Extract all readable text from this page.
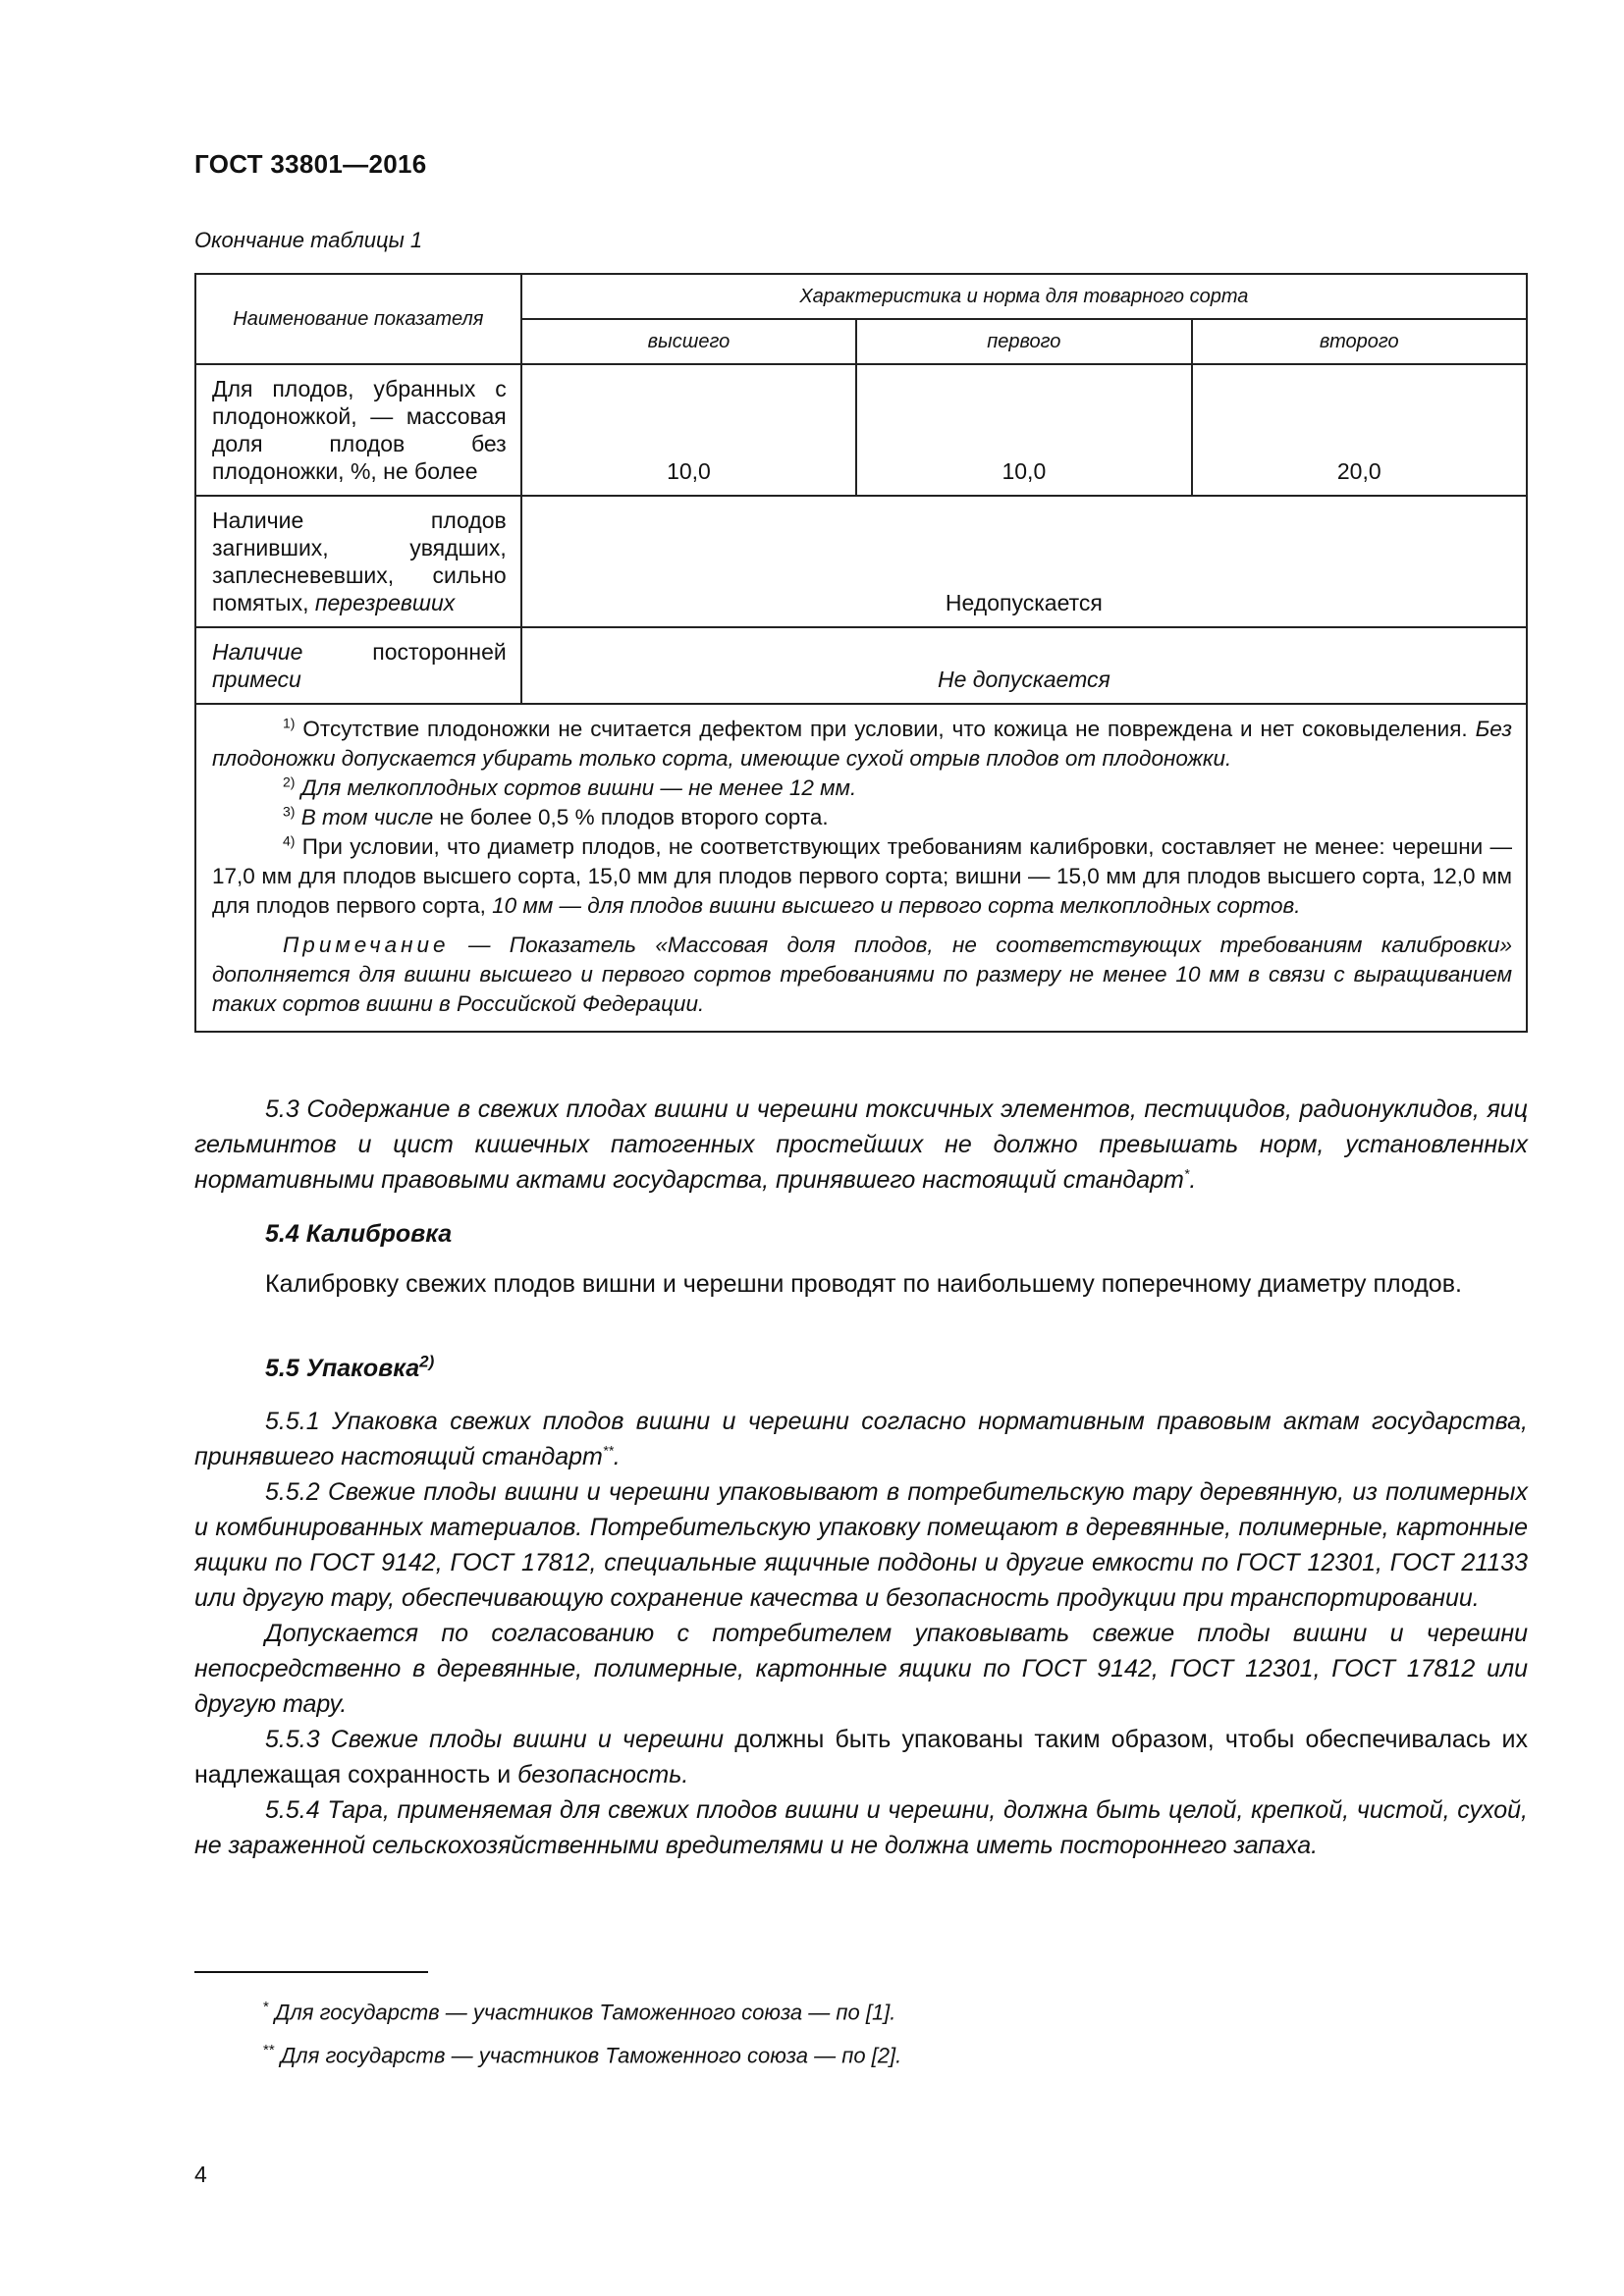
ГОСТ 33801—2016
Окончание таблицы 1
Наименование показателя	Характеристика и норма для товарного сорта		
	высшего	первого	второго
Для плодов, убранных с плодоножкой, — массовая доля плодов без плодоножки, %, не более	10,0	10,0	20,0
Наличие плодов загнивших, увядших, заплесневевших, сильно помятых, перезревших	Недопускается		
Наличие посторонней примеси	Не допускается		

$^{1)}$ Отсутствие плодоножки не считается дефектом при условии, что кожица не повреждена и нет соковыделения. Без плодоножки допускается убирать только сорта, имеющие сухой отрыв плодов от плодоножки.

$^{2)}$ Для мелкоплодных сортов вишни — не менее 12 мм.

$^{3)}$ В том числе не более 0,5 % плодов второго сорта.

$^{4)}$ При условии, что диаметр плодов, не соответствующих требованиям калибровки, составляет не менее: черешни — 17,0 мм для плодов высшего сорта, 15,0 мм для плодов первого сорта; вишни — 15,0 мм для плодов высшего сорта, 12,0 мм для плодов первого сорта, 10 мм — для плодов вишни высшего и первого сорта мелкоплодных сортов.

Примечание — Показатель «Массовая доля плодов, не соответствующих требованиям калибровки» дополняется для вишни высшего и первого сортов требованиями по размеру не менее 10 мм в связи с выращиванием таких сортов вишни в Российской Федерации.			

5.3 Содержание в свежих плодах вишни и черешни токсичных элементов, пестицидов, радионуклидов, яиц гельминтов и цист кишечных патогенных простейших не должно превышать норм, установленных нормативными правовыми актами государства, принявшего настоящий стандарт*.

5.4 Калибровка

Калибровку свежих плодов вишни и черешни проводят по наибольшему поперечному диаметру плодов.

5.5 Упаковка$^{2)}$

5.5.1 Упаковка свежих плодов вишни и черешни согласно нормативным правовым актам государства, принявшего настоящий стандарт**.

5.5.2 Свежие плоды вишни и черешни упаковывают в потребительскую тару деревянную, из полимерных и комбинированных материалов. Потребительскую упаковку помещают в деревянные, полимерные, картонные ящики по ГОСТ 9142, ГОСТ 17812, специальные ящичные поддоны и другие емкости по ГОСТ 12301, ГОСТ 21133 или другую тару, обеспечивающую сохранение качества и безопасность продукции при транспортировании.

Допускается по согласованию с потребителем упаковывать свежие плоды вишни и черешни непосредственно в деревянные, полимерные, картонные ящики по ГОСТ 9142, ГОСТ 12301, ГОСТ 17812 или другую тару.

5.5.3 Свежие плоды вишни и черешни должны быть упакованы таким образом, чтобы обеспечивалась их надлежащая сохранность и безопасность.

5.5.4 Тара, применяемая для свежих плодов вишни и черешни, должна быть целой, крепкой, чистой, сухой, не зараженной сельскохозяйственными вредителями и не должна иметь постороннего запаха.

* Для государств — участников Таможенного союза — по [1].
** Для государств — участников Таможенного союза — по [2].
4
